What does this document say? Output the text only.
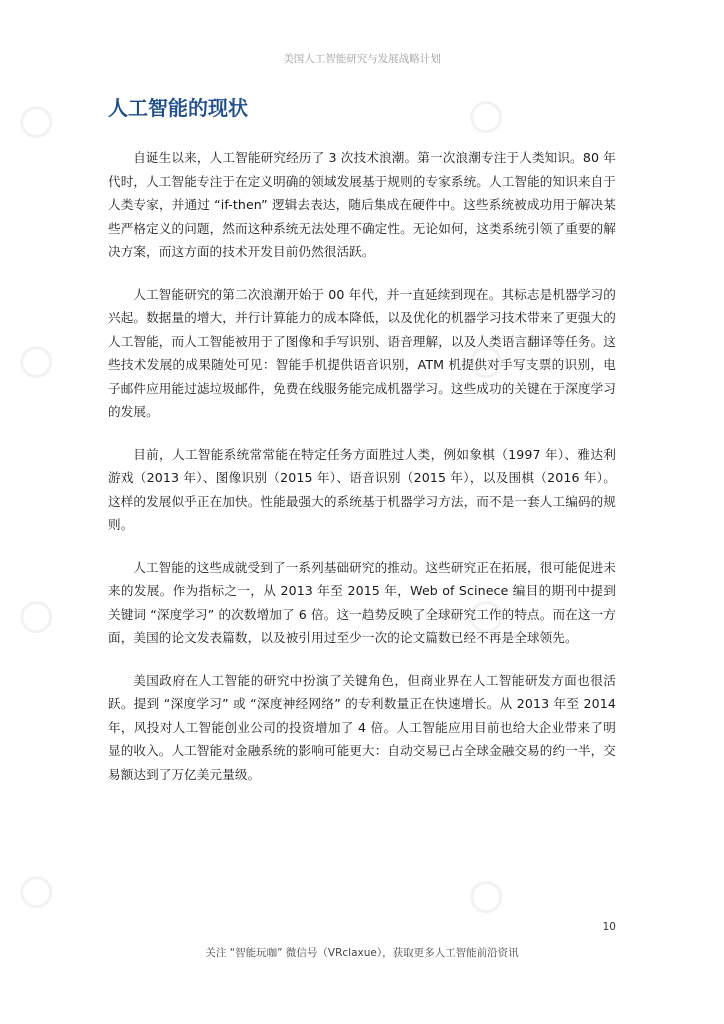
美国人工智能研究与发展战略计划
人工智能的现状

自诞生以来，人工智能研究经历了 3 次技术浪潮。第一次浪潮专注于人类知识。80 年代时，人工智能专注于在定义明确的领域发展基于规则的专家系统。人工智能的知识来自于人类专家，并通过 “if-then” 逻辑去表达，随后集成在硬件中。这些系统被成功用于解决某些严格定义的问题，然而这种系统无法处理不确定性。无论如何，这类系统引领了重要的解决方案，而这方面的技术开发目前仍然很活跃。

人工智能研究的第二次浪潮开始于 00 年代，并一直延续到现在。其标志是机器学习的兴起。数据量的增大，并行计算能力的成本降低，以及优化的机器学习技术带来了更强大的人工智能，而人工智能被用于了图像和手写识别、语音理解，以及人类语言翻译等任务。这些技术发展的成果随处可见：智能手机提供语音识别，ATM 机提供对手写支票的识别，电子邮件应用能过滤垃圾邮件，免费在线服务能完成机器学习。这些成功的关键在于深度学习的发展。

目前，人工智能系统常常能在特定任务方面胜过人类，例如象棋（1997 年）、雅达利游戏（2013 年）、图像识别（2015 年）、语音识别（2015 年），以及围棋（2016 年）。这样的发展似乎正在加快。性能最强大的系统基于机器学习方法，而不是一套人工编码的规则。

人工智能的这些成就受到了一系列基础研究的推动。这些研究正在拓展，很可能促进未来的发展。作为指标之一，从 2013 年至 2015 年，Web of Scinece 编目的期刊中提到关键词 “深度学习” 的次数增加了 6 倍。这一趋势反映了全球研究工作的特点。而在这一方面，美国的论文发表篇数，以及被引用过至少一次的论文篇数已经不再是全球领先。

美国政府在人工智能的研究中扮演了关键角色，但商业界在人工智能研发方面也很活跃。提到 “深度学习” 或 “深度神经网络” 的专利数量正在快速增长。从 2013 年至 2014 年，风投对人工智能创业公司的投资增加了 4 倍。人工智能应用目前也给大企业带来了明显的收入。人工智能对金融系统的影响可能更大：自动交易已占全球金融交易的约一半，交易额达到了万亿美元量级。

10
关注 “智能玩咖” 微信号（VRclaxue），获取更多人工智能前沿资讯
